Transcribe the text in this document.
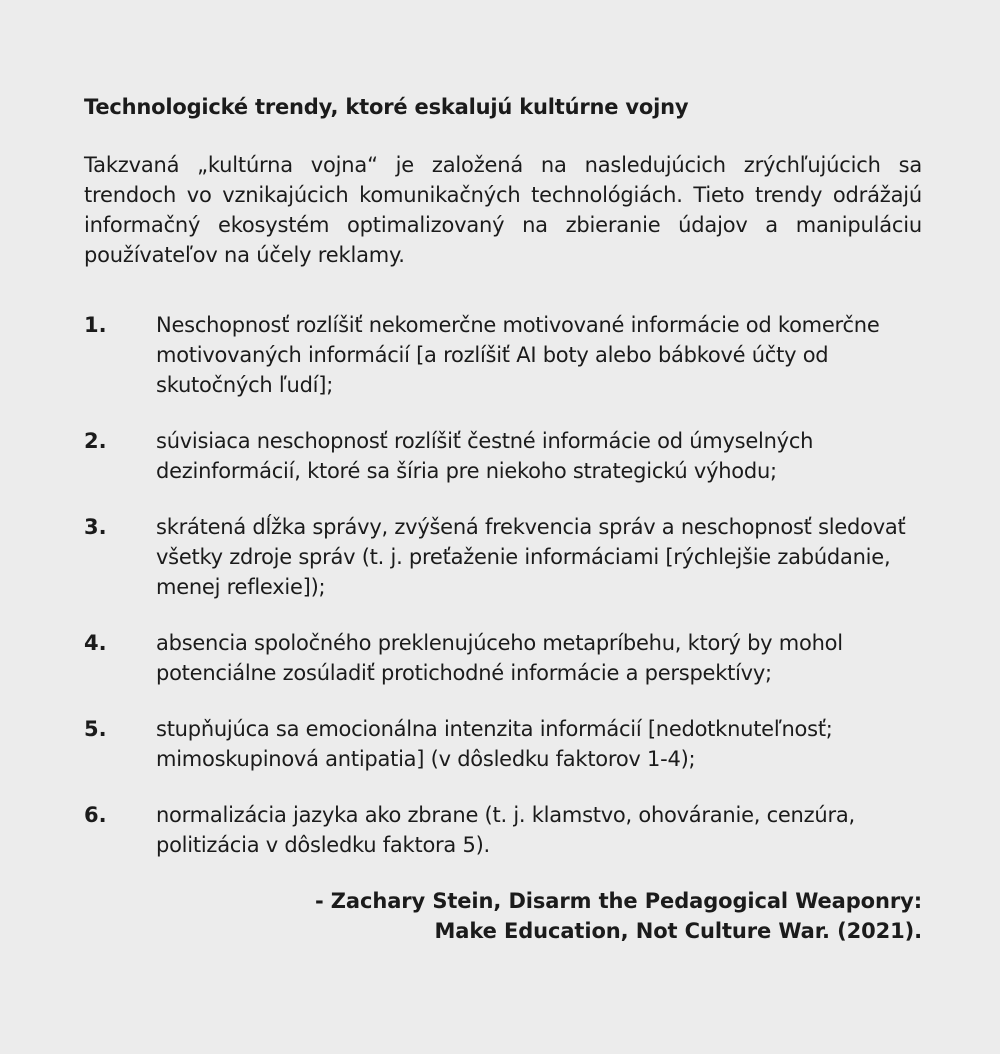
Technologické trendy, ktoré eskalujú kultúrne vojny

Takzvaná „kultúrna vojna“ je založená na nasledujúcich zrýchľujúcich sa trendoch vo vznikajúcich komunikačných technológiách. Tieto trendy odrážajú informačný ekosystém optimalizovaný na zbieranie údajov a manipuláciu používateľov na účely reklamy.

1.	Neschopnosť rozlíšiť nekomerčne motivované informácie od komerčne motivovaných informácií [a rozlíšiť AI boty alebo bábkové účty od skutočných ľudí];
2.	súvisiaca neschopnosť rozlíšiť čestné informácie od úmyselných dezinformácií, ktoré sa šíria pre niekoho strategickú výhodu;
3.	skrátená dĺžka správy, zvýšená frekvencia správ a neschopnosť sledovať všetky zdroje správ (t. j. preťaženie informáciami [rýchlejšie zabúdanie, menej reflexie]);
4.	absencia spoločného preklenujúceho metapríbehu, ktorý by mohol potenciálne zosúladiť protichodné informácie a perspektívy;
5.	stupňujúca sa emocionálna intenzita informácií [nedotknuteľnosť; mimoskupinová antipatia] (v dôsledku faktorov 1-4);
6.	normalizácia jazyka ako zbrane (t. j. klamstvo, ohováranie, cenzúra, politizácia v dôsledku faktora 5).
- Zachary Stein, Disarm the Pedagogical Weaponry:
Make Education, Not Culture War. (2021).
